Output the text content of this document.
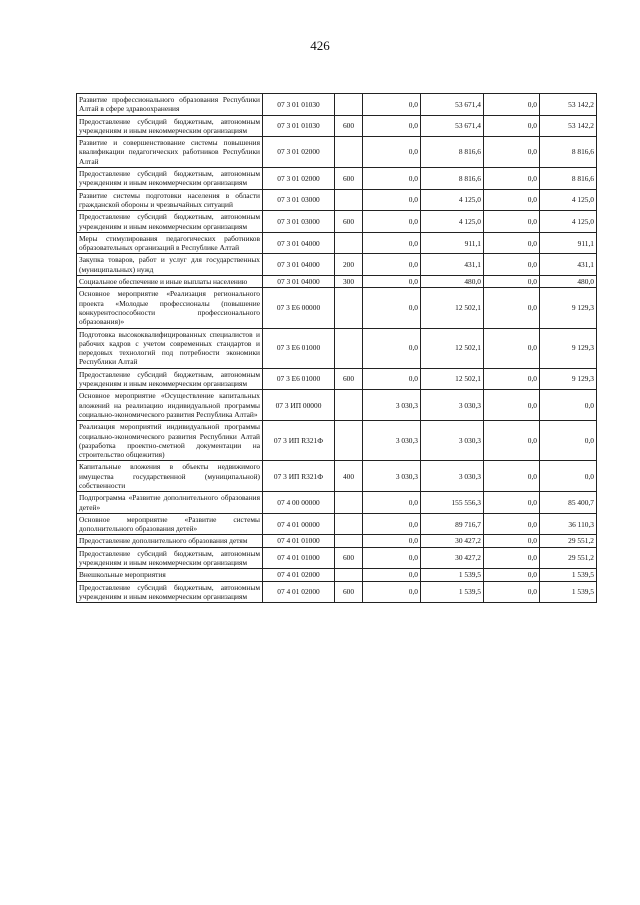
426
Развитие профессионального образования Республики Алтай в сфере здравоохранения	07 3 01 01030		0,0	53 671,4	0,0	53 142,2
Предоставление субсидий бюджетным, автономным учреждениям и иным некоммерческим организациям	07 3 01 01030	600	0,0	53 671,4	0,0	53 142,2
Развитие и совершенствование системы повышения квалификации педагогических работников Республики Алтай	07 3 01 02000		0,0	8 816,6	0,0	8 816,6
Предоставление субсидий бюджетным, автономным учреждениям и иным некоммерческим организациям	07 3 01 02000	600	0,0	8 816,6	0,0	8 816,6
Развитие системы подготовки населения в области гражданской обороны и чрезвычайных ситуаций	07 3 01 03000		0,0	4 125,0	0,0	4 125,0
Предоставление субсидий бюджетным, автономным учреждениям и иным некоммерческим организациям	07 3 01 03000	600	0,0	4 125,0	0,0	4 125,0
Меры стимулирования педагогических работников образовательных организаций в Республике Алтай	07 3 01 04000		0,0	911,1	0,0	911,1
Закупка товаров, работ и услуг для государственных (муниципальных) нужд	07 3 01 04000	200	0,0	431,1	0,0	431,1
Социальное обеспечение и иные выплаты населению	07 3 01 04000	300	0,0	480,0	0,0	480,0
Основное мероприятие «Реализация регионального проекта «Молодые профессионалы (повышение конкурентоспособности профессионального образования)»	07 3 E6 00000		0,0	12 502,1	0,0	9 129,3
Подготовка высококвалифицированных специалистов и рабочих кадров с учетом современных стандартов и передовых технологий под потребности экономики Республики Алтай	07 3 E6 01000		0,0	12 502,1	0,0	9 129,3
Предоставление субсидий бюджетным, автономным учреждениям и иным некоммерческим организациям	07 3 E6 01000	600	0,0	12 502,1	0,0	9 129,3
Основное мероприятие «Осуществление капитальных вложений на реализацию индивидуальной программы социально-экономического развития Республика Алтай»	07 3 ИП 00000		3 030,3	3 030,3	0,0	0,0
Реализация мероприятий индивидуальной программы социально-экономического развития Республики Алтай (разработка проектно-сметной документации на строительство общежития)	07 3 ИП R321Ф		3 030,3	3 030,3	0,0	0,0
Капитальные вложения в объекты недвижимого имущества государственной (муниципальной) собственности	07 3 ИП R321Ф	400	3 030,3	3 030,3	0,0	0,0
Подпрограмма «Развитие дополнительного образования детей»	07 4 00 00000		0,0	155 556,3	0,0	85 400,7
Основное мероприятие «Развитие системы дополнительного образования детей»	07 4 01 00000		0,0	89 716,7	0,0	36 110,3
Предоставление дополнительного образования детям	07 4 01 01000		0,0	30 427,2	0,0	29 551,2
Предоставление субсидий бюджетным, автономным учреждениям и иным некоммерческим организациям	07 4 01 01000	600	0,0	30 427,2	0,0	29 551,2
Внешкольные мероприятия	07 4 01 02000		0,0	1 539,5	0,0	1 539,5
Предоставление субсидий бюджетным, автономным учреждениям и иным некоммерческим организациям	07 4 01 02000	600	0,0	1 539,5	0,0	1 539,5
